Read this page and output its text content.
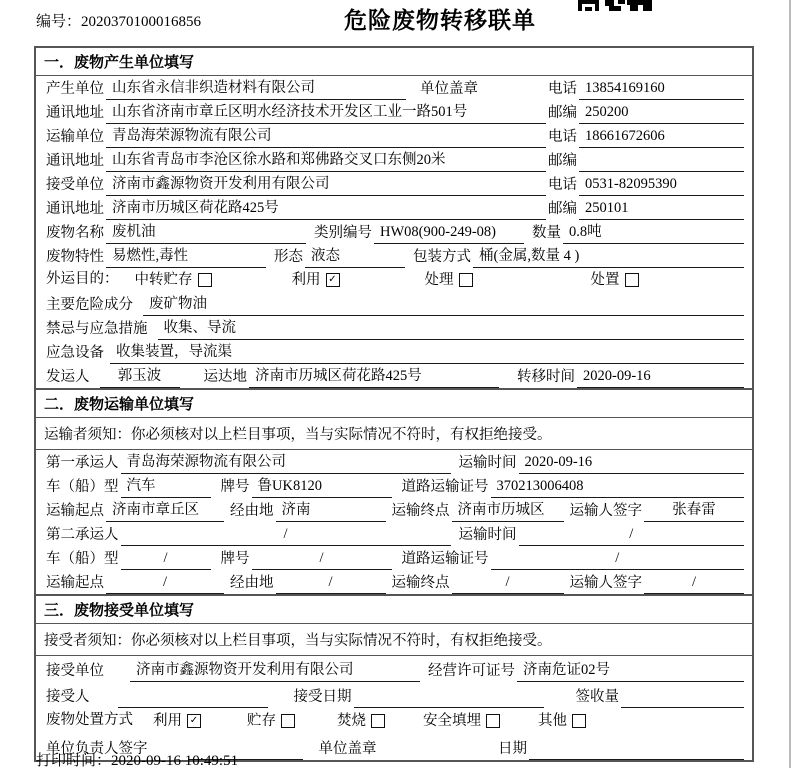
编号：2020370100016856	危险废物转移联单
一．废物产生单位填写
产生单位 山东省永信非织造材料有限公司	单位盖章	电话 13854169160
通讯地址 山东省济南市章丘区明水经济技术开发区工业一路501号	邮编 250200
运输单位 青岛海荣源物流有限公司	电话 18661672606
通讯地址 山东省青岛市李沧区徐水路和郑佛路交叉口东侧20米	邮编
接受单位 济南市鑫源物资开发利用有限公司	电话 0531-82095390
通讯地址 济南市历城区荷花路425号	邮编 250101
废物名称 废机油	类别编号 HW08(900-249-08)	数量 0.8吨
废物特性 易燃性,毒性	形态 液态	包装方式 桶(金属,数量 4 )
外运目的： 中转贮存	利用 ✓	处理	处置
主要危险成分	废矿物油
禁忌与应急措施	收集、导流
应急设备 收集装置，导流渠
发运人	郭玉波	运达地 济南市历城区荷花路425号	转移时间 2020-09-16
二．废物运输单位填写
运输者须知：你必须核对以上栏目事项，当与实际情况不符时，有权拒绝接受。
第一承运人 青岛海荣源物流有限公司	运输时间 2020-09-16
车（船）型 汽车	牌号 鲁UK8120	道路运输证号 370213006408
运输起点 济南市章丘区	经由地 济南	运输终点 济南市历城区	运输人签字	张春雷
第二承运人	/	运输时间	/
车（船）型	/	牌号	/	道路运输证号	/
运输起点	/	经由地	/	运输终点	/	运输人签字	/
三．废物接受单位填写
接受者须知：你必须核对以上栏目事项，当与实际情况不符时，有权拒绝接受。
接受单位	济南市鑫源物资开发利用有限公司	经营许可证号 济南危证02号
接受人	接受日期	签收量
废物处置方式 利用 ✓	贮存	焚烧	安全填埋	其他
单位负责人签字	单位盖章	日期
打印时间：2020-09-16 10:49:51
